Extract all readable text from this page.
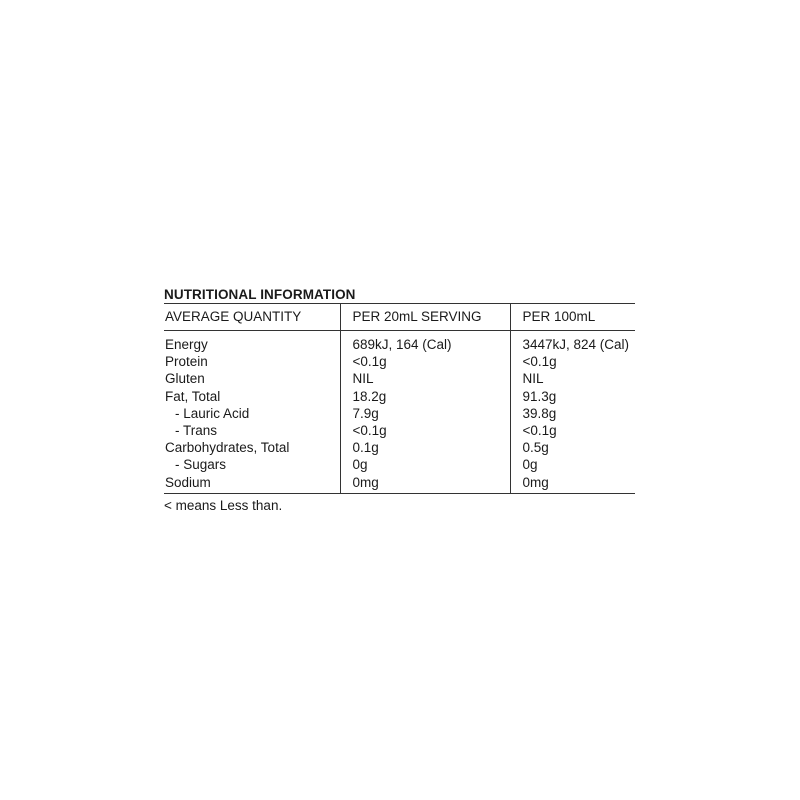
NUTRITIONAL INFORMATION
AVERAGE QUANTITY	PER 20mL SERVING	PER 100mL
Energy	689kJ, 164 (Cal)	3447kJ, 824 (Cal)
Protein	<0.1g	<0.1g
Gluten	NIL	NIL
Fat, Total	18.2g	91.3g
- Lauric Acid	7.9g	39.8g
- Trans	<0.1g	<0.1g
Carbohydrates, Total	0.1g	0.5g
- Sugars	0g	0g
Sodium	0mg	0mg
< means Less than.
